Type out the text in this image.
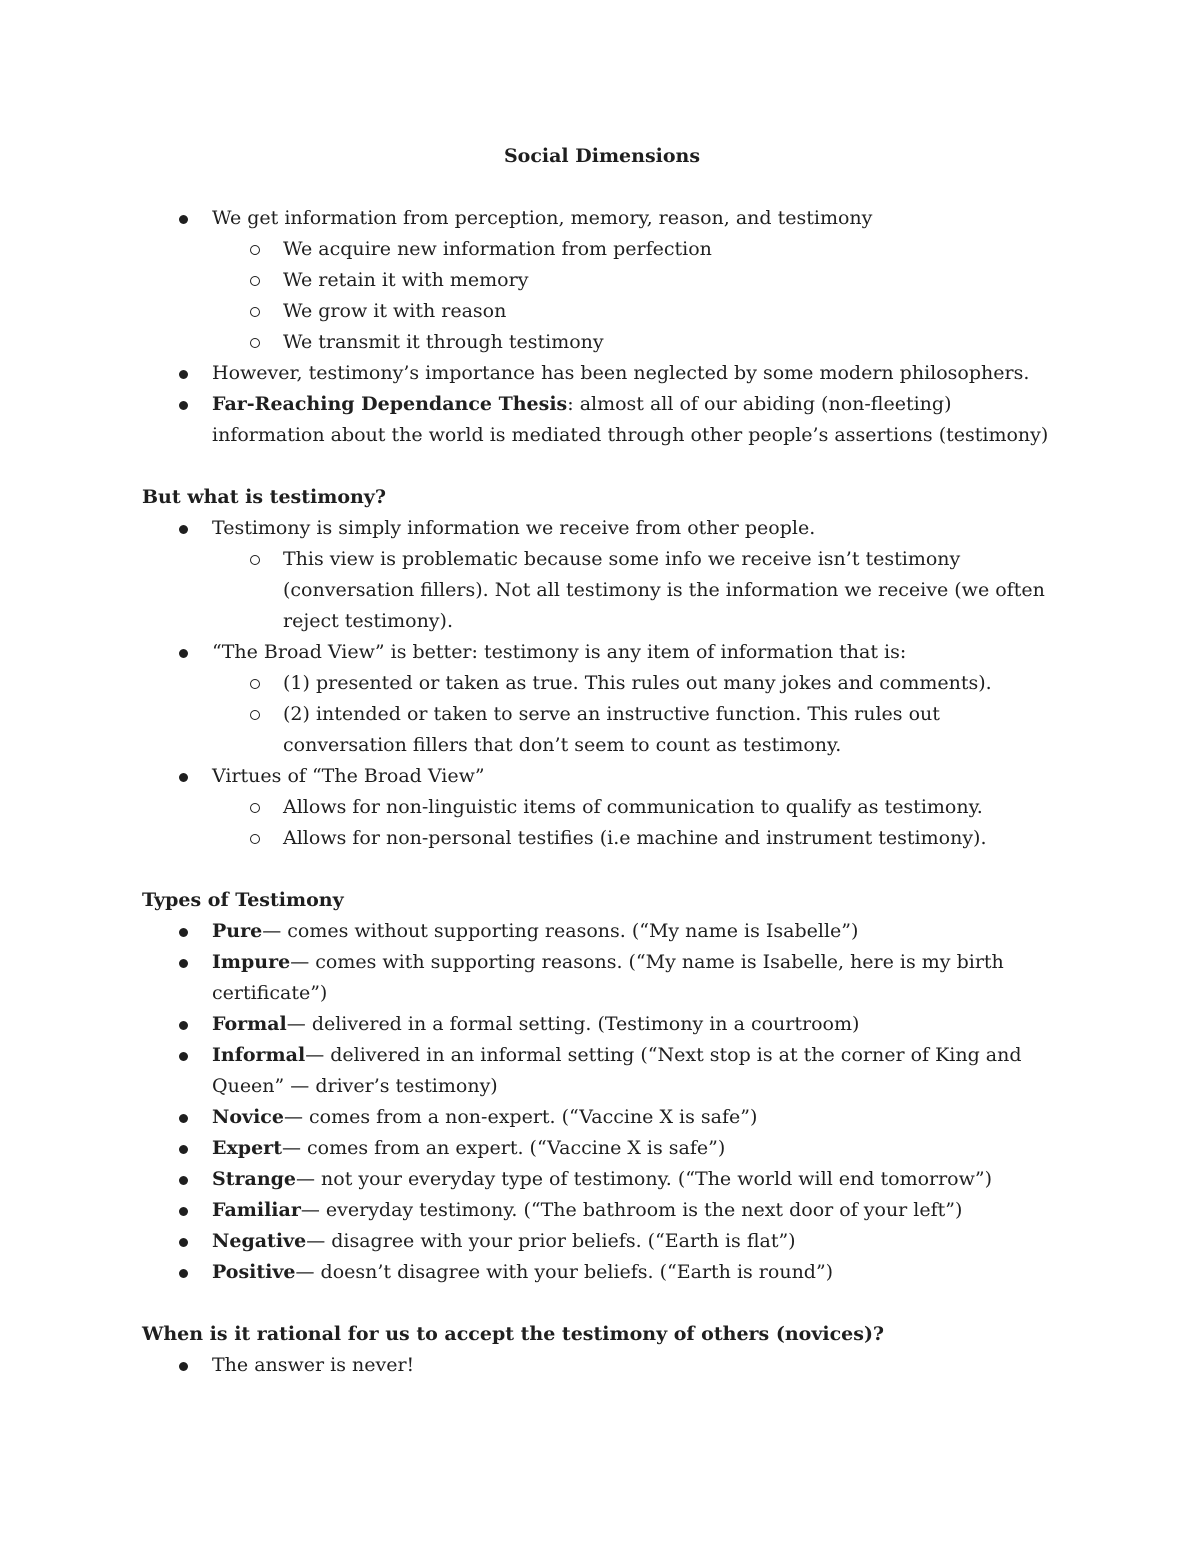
Social Dimensions
We get information from perception, memory, reason, and testimony
We acquire new information from perfection
We retain it with memory
We grow it with reason
We transmit it through testimony
However, testimony’s importance has been neglected by some modern philosophers.
Far-Reaching Dependance Thesis: almost all of our abiding (non-fleeting) information about the world is mediated through other people’s assertions (testimony)
But what is testimony?
Testimony is simply information we receive from other people.
This view is problematic because some info we receive isn’t testimony (conversation fillers). Not all testimony is the information we receive (we often reject testimony).
“The Broad View” is better: testimony is any item of information that is:
(1) presented or taken as true. This rules out many jokes and comments).
(2) intended or taken to serve an instructive function. This rules out conversation fillers that don’t seem to count as testimony.
Virtues of “The Broad View”
Allows for non-linguistic items of communication to qualify as testimony.
Allows for non-personal testifies (i.e machine and instrument testimony).
Types of Testimony
Pure— comes without supporting reasons. (“My name is Isabelle”)
Impure— comes with supporting reasons. (“My name is Isabelle, here is my birth certificate”)
Formal— delivered in a formal setting. (Testimony in a courtroom)
Informal— delivered in an informal setting (“Next stop is at the corner of King and Queen” — driver’s testimony)
Novice— comes from a non-expert. (“Vaccine X is safe”)
Expert— comes from an expert. (“Vaccine X is safe”)
Strange— not your everyday type of testimony. (“The world will end tomorrow”)
Familiar— everyday testimony. (“The bathroom is the next door of your left”)
Negative— disagree with your prior beliefs. (“Earth is flat”)
Positive— doesn’t disagree with your beliefs. (“Earth is round”)
When is it rational for us to accept the testimony of others (novices)?
The answer is never!
